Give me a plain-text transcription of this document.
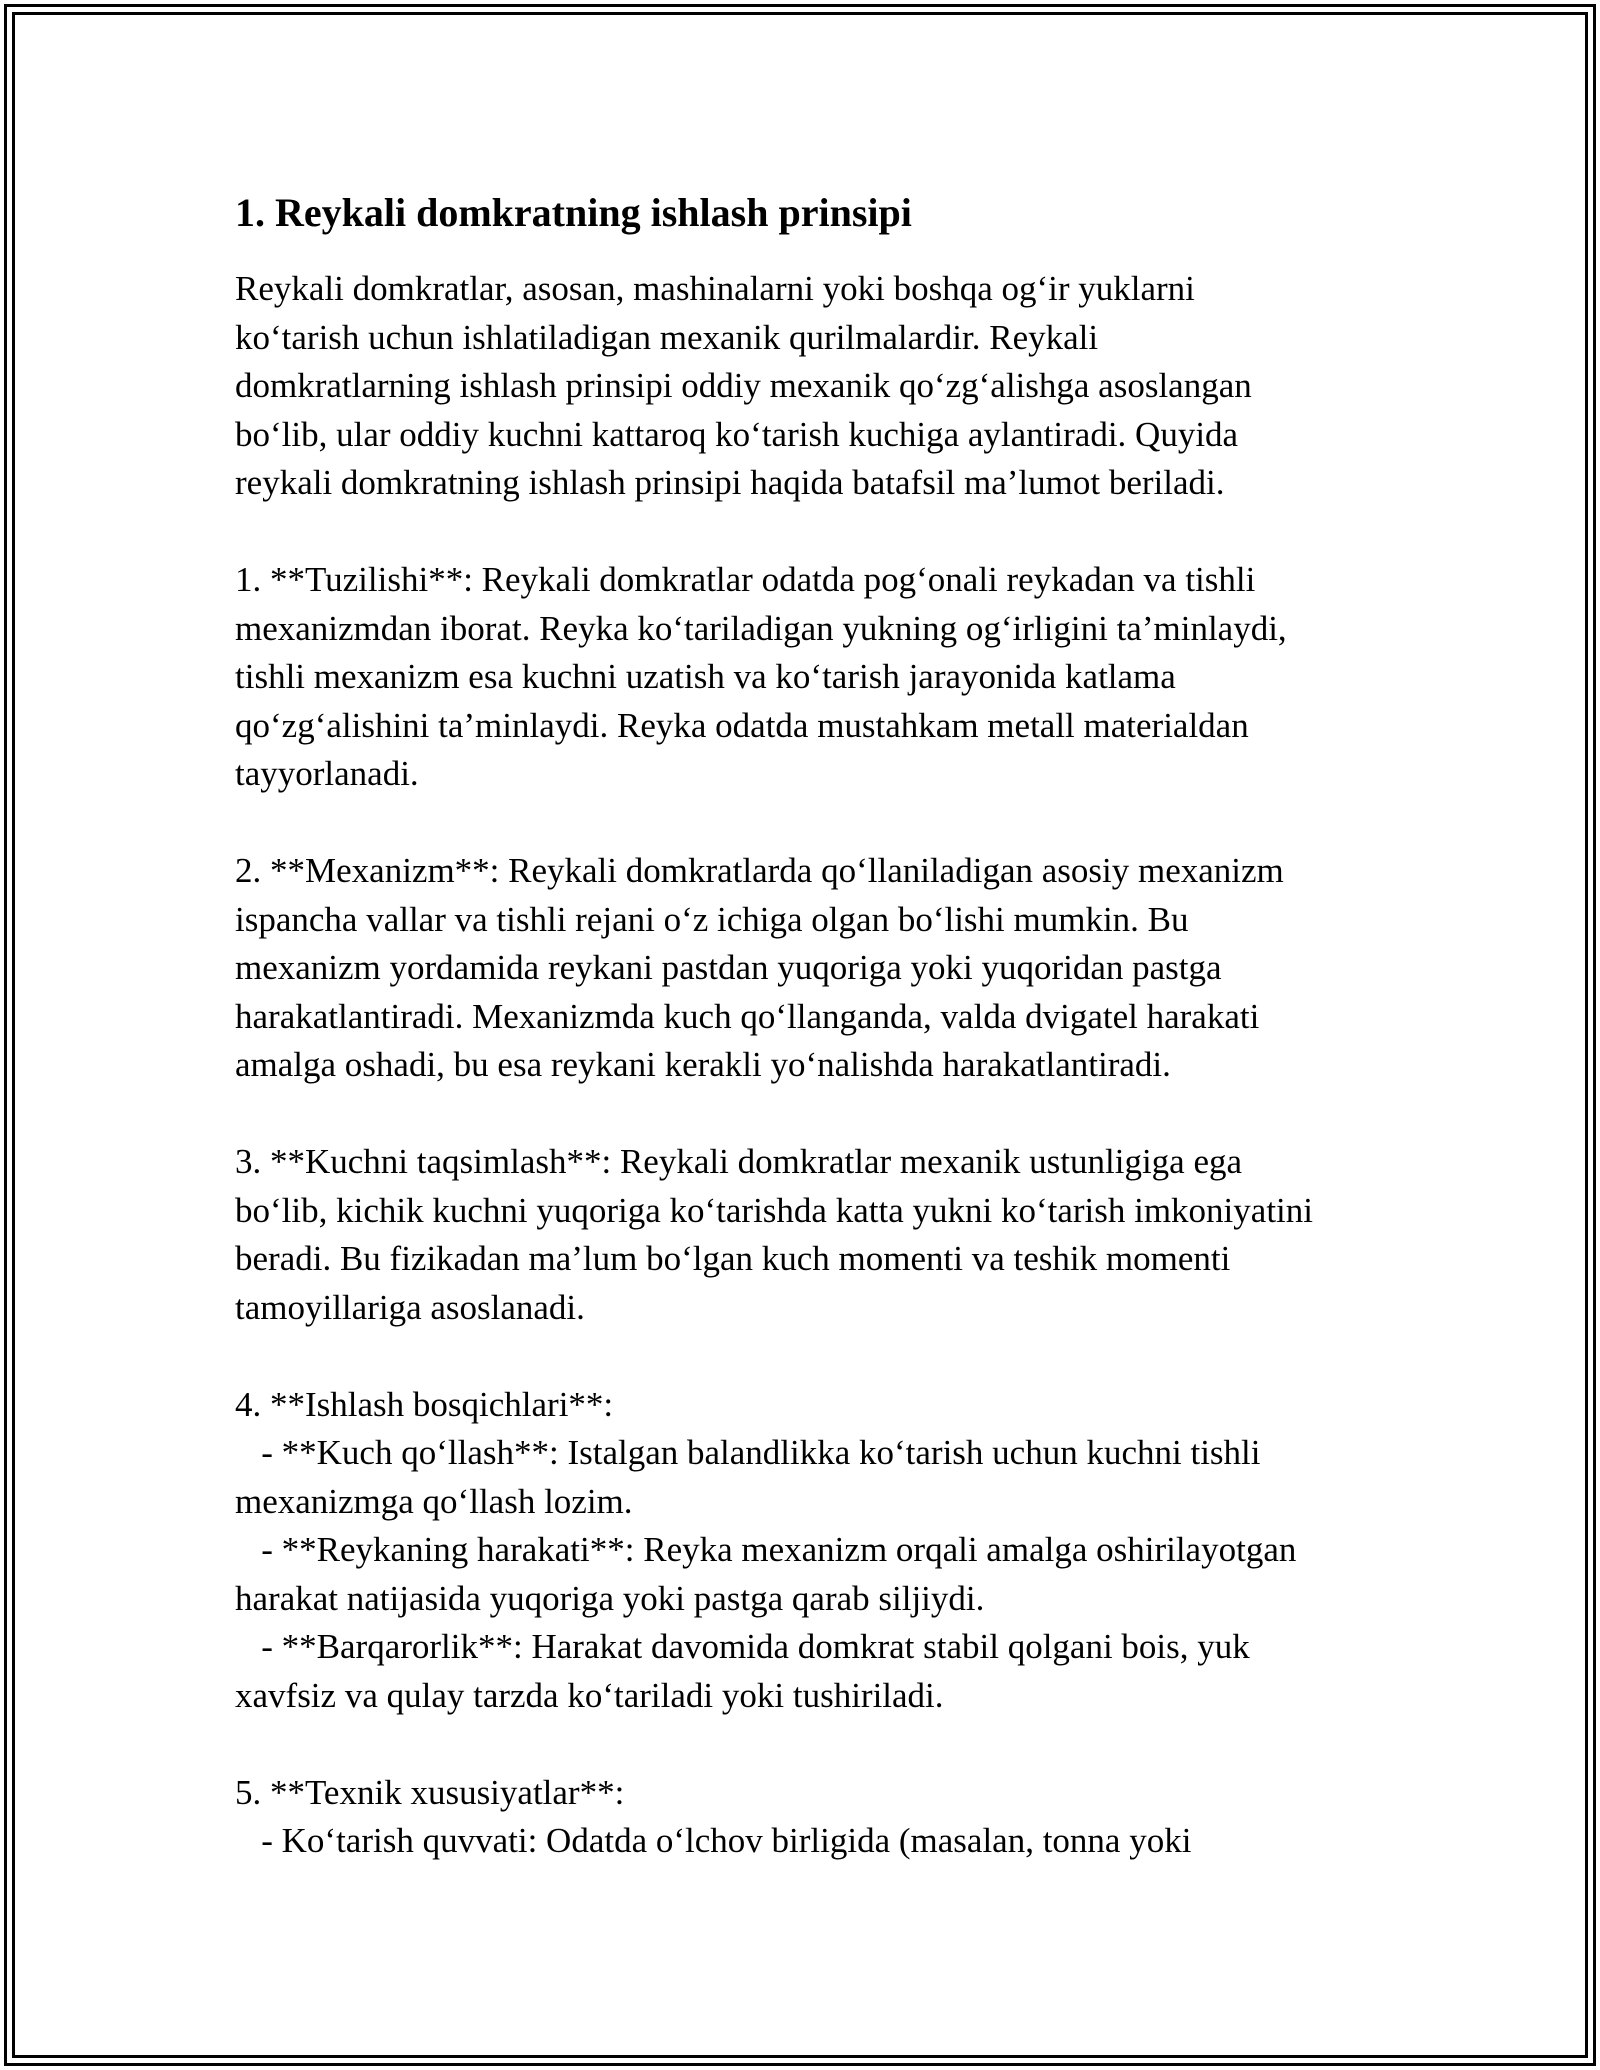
1. Reykali domkratning ishlash prinsipi
Reykali domkratlar, asosan, mashinalarni yoki boshqa og‘ir yuklarni
ko‘tarish uchun ishlatiladigan mexanik qurilmalardir. Reykali
domkratlarning ishlash prinsipi oddiy mexanik qo‘zg‘alishga asoslangan
bo‘lib, ular oddiy kuchni kattaroq ko‘tarish kuchiga aylantiradi. Quyida
reykali domkratning ishlash prinsipi haqida batafsil ma’lumot beriladi.
1. **Tuzilishi**: Reykali domkratlar odatda pog‘onali reykadan va tishli
mexanizmdan iborat. Reyka ko‘tariladigan yukning og‘irligini ta’minlaydi,
tishli mexanizm esa kuchni uzatish va ko‘tarish jarayonida katlama
qo‘zg‘alishini ta’minlaydi. Reyka odatda mustahkam metall materialdan
tayyorlanadi.
2. **Mexanizm**: Reykali domkratlarda qo‘llaniladigan asosiy mexanizm
ispancha vallar va tishli rejani o‘z ichiga olgan bo‘lishi mumkin. Bu
mexanizm yordamida reykani pastdan yuqoriga yoki yuqoridan pastga
harakatlantiradi. Mexanizmda kuch qo‘llanganda, valda dvigatel harakati
amalga oshadi, bu esa reykani kerakli yo‘nalishda harakatlantiradi.
3. **Kuchni taqsimlash**: Reykali domkratlar mexanik ustunligiga ega
bo‘lib, kichik kuchni yuqoriga ko‘tarishda katta yukni ko‘tarish imkoniyatini
beradi. Bu fizikadan ma’lum bo‘lgan kuch momenti va teshik momenti
tamoyillariga asoslanadi.
4. **Ishlash bosqichlari**:
- **Kuch qo‘llash**: Istalgan balandlikka ko‘tarish uchun kuchni tishli
mexanizmga qo‘llash lozim.
- **Reykaning harakati**: Reyka mexanizm orqali amalga oshirilayotgan
harakat natijasida yuqoriga yoki pastga qarab siljiydi.
- **Barqarorlik**: Harakat davomida domkrat stabil qolgani bois, yuk
xavfsiz va qulay tarzda ko‘tariladi yoki tushiriladi.
5. **Texnik xususiyatlar**:
- Ko‘tarish quvvati: Odatda o‘lchov birligida (masalan, tonna yoki
